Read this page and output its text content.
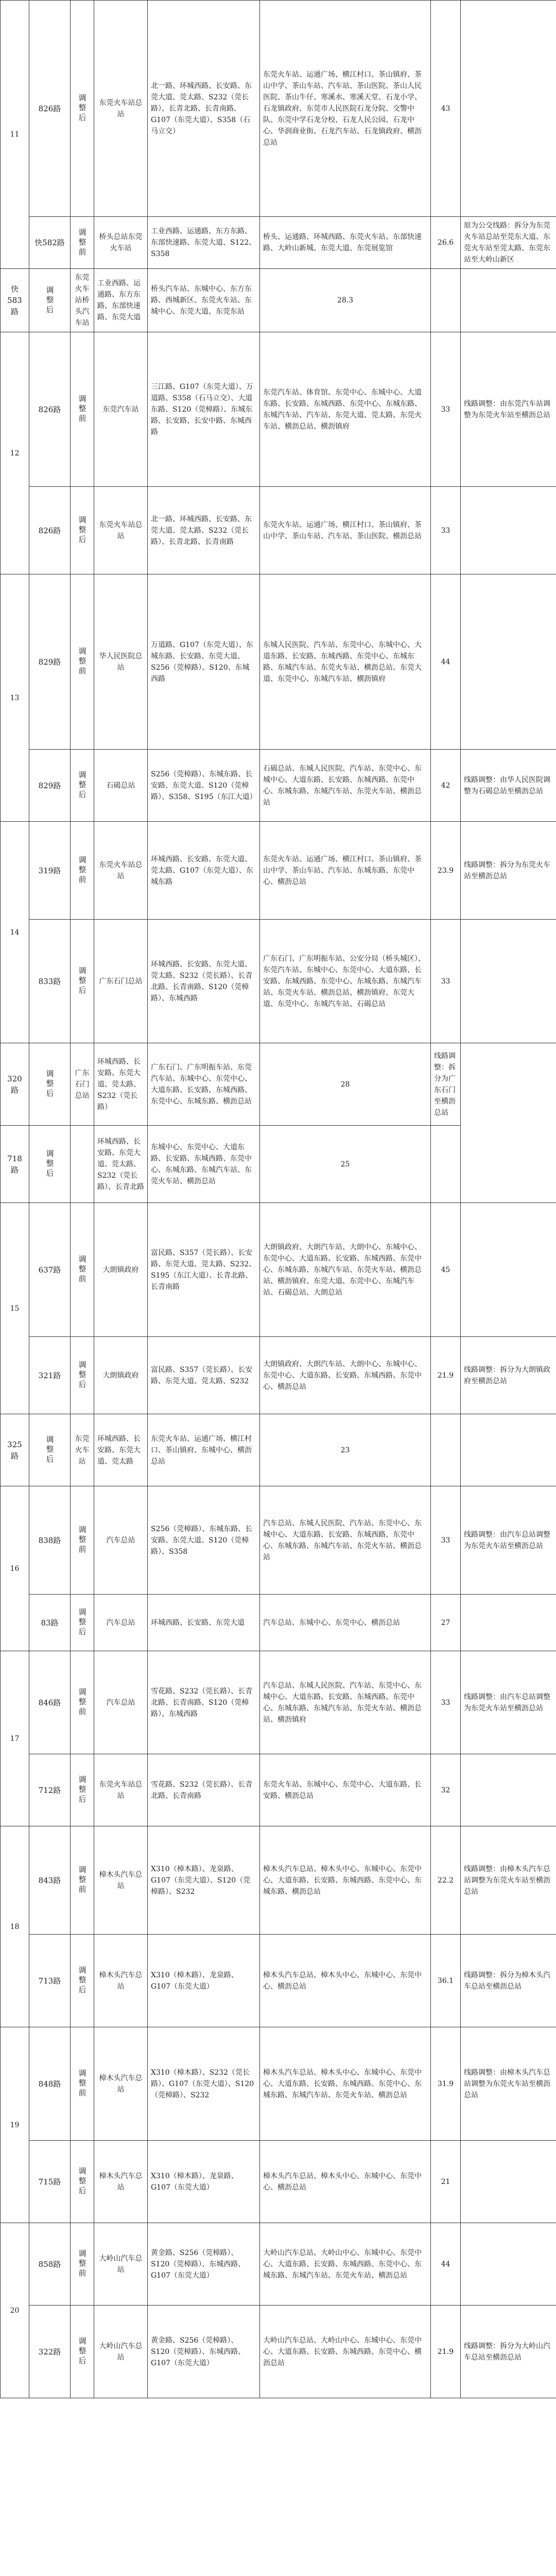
11	826路	调整后	东莞火车站总站	北一路、环城西路、长安路、东莞大道、莞太路、S232（莞长路）、长青北路、长青南路、G107（东莞大道）、S358（石马立交）	东莞火车站、运通广场、横江村口、茶山镇府、茶山中学、茶山车站、汽车站、茶山医院、茶山人民医院、茶山牛仔、寒溪水、寒溪天堂、石龙小学、石龙镇政府、东莞市人民医院石龙分院、交警中队、东莞中学石龙分校、石龙人民公园、石龙中心、华润商业街、石龙汽车站、石龙镇政府、横沥总站	43	
	快582路	调整前	桥头总站东莞火车站	工业西路、运通路、东方东路、东部快速路、东莞大道、S122、S358	桥头、运通路、环城西路、东莞火车站、东部快速路、大岭山新城、东莞大道、东莞展览馆	26.6	原为公交线路：拆分为东莞火车站总站至莞东大道、东莞火车站至莞太路、东莞东站至大岭山新区
快583路	调整后	东莞火车站桥头汽车站	工业西路、运通路、东方东路、东部快速路、东莞大道	桥头汽车站、东城中心、东方东路、西城新区、东莞火车站、东城中心、东莞大道、东莞东站	28.3		
12	826路	调整前	东莞汽车站	三江路、G107（东莞大道）、万道路、S358（石马立交）、大道东路、S120（莞樟路）、东城东路、长安路、长安中路、东城西路	东莞汽车站、体育馆、东莞中心、东城中心、大道东路、长安路、东城西路、东莞中心、东城东路、东城汽车站、汽车站、东莞大道、莞太路、东莞火车站、横沥总站、横沥镇府	33	线路调整：由东莞汽车站调整为东莞火车站至横沥总站
	826路	调整后	东莞火车站总站	北一路、环城西路、长安路、东莞大道、莞太路、S232（莞长路）、长青北路、长青南路	东莞火车站、运通广场、横江村口、茶山镇府、茶山中学、茶山车站、汽车站、茶山医院、横沥总站	33	
13	829路	调整前	华人民医院总站	万道路、G107（东莞大道）、东城东路、长安路、东莞大道、S256（莞樟路）、S120、东城西路	东城人民医院、汽车站、东莞中心、东城中心、大道东路、长安路、东城西路、东莞中心、东城东路、东城汽车站、东莞火车站、横沥总站、东莞大道、东莞中心、东城汽车站、横沥镇府	44	
	829路	调整后	石碣总站	S256（莞樟路）、东城东路、长安路、东莞大道、S120（莞樟路）、S358、S195（东江大道）	石碣总站、东城人民医院、汽车站、东莞中心、东城中心、大道东路、长安路、东城西路、东莞中心、东城东路、东城汽车站、东莞火车站、横沥总站	42	线路调整：由华人民医院调整为石碣总站至横沥总站
14	319路	调整前	东莞火车站总站	环城西路、长安路、东莞大道、莞太路、G107（东莞大道）、东城东路	东莞火车站、运通广场、横江村口、茶山镇府、茶山中学、茶山车站、汽车站、东城东路、东莞中心、横沥总站	23.9	线路调整：拆分为东莞火车站至横沥总站
	833路	调整后	广东石门总站	环城西路、长安路、东莞大道、莞太路、S232（莞长路）、长青北路、长青南路、S120（莞樟路）、东城西路	广东石门、广东明振车站、公安分局（桥头城区）、东莞汽车站、东城中心、东莞中心、大道东路、长安路、东城西路、东莞中心、东城东路、东城汽车站、东莞火车站、横沥总站、横沥镇府、东莞大道、东莞中心、东城汽车站、石碣总站	33	
320路	调整后	广东石门总站	环城西路、长安路、东莞大道、莞太路、S232（莞长路）	广东石门、广东明振车站、东莞汽车站、东城中心、东莞中心、大道东路、长安路、东城西路、东莞中心、东城东路、横沥总站	28	线路调整：拆分为广东石门至横沥总站	
718路	调整后		环城西路、长安路、东莞大道、莞太路、S232（莞长路）、长青北路	东城中心、东莞中心、大道东路、长安路、东城西路、东莞中心、东城东路、东城汽车站、东莞火车站、横沥总站	25		
15	637路	调整前	大朗镇政府	富民路、S357（莞长路）、长安路、东莞大道、莞太路、S232、S195（东江大道）、长青北路、长青南路	大朗镇政府、大朗汽车站、大朗中心、东城中心、东莞中心、大道东路、长安路、东城西路、东莞中心、东城东路、东城汽车站、东莞火车站、横沥总站、横沥镇府、东莞大道、东莞中心、东城汽车站、石碣总站、大朗总站	45	
	321路	调整后	大朗镇政府	富民路、S357（莞长路）、长安路、东莞大道、莞太路、S232	大朗镇政府、大朗汽车站、大朗中心、东城中心、东莞中心、大道东路、长安路、东城西路、东莞中心、横沥总站	21.9	线路调整：拆分为大朗镇政府至横沥总站
325路	调整后	东莞火车站	环城西路、长安路、东莞大道、莞太路	东莞火车站、运通广场、横江村口、茶山镇府、东城中心、横沥总站	23		
16	838路	调整前	汽车总站	S256（莞樟路）、东城东路、长安路、东莞大道、S120（莞樟路）、S358	汽车总站、东城人民医院、汽车站、东莞中心、东城中心、大道东路、长安路、东城西路、东莞中心、东城东路、东城汽车站、东莞火车站、横沥总站	33	线路调整：由汽车总站调整为东莞火车站至横沥总站
	83路	调整后	汽车总站	环城西路、长安路、东莞大道	汽车总站、东城中心、东莞中心、横沥总站	27	
17	846路	调整前	汽车总站	雪花路、S232（莞长路）、长青北路、长青南路、S120（莞樟路）、东城西路	汽车总站、东城人民医院、汽车站、东莞中心、东城中心、大道东路、长安路、东城西路、东莞中心、东城东路、东城汽车站、东莞火车站、横沥总站、横沥镇府	33	线路调整：由汽车总站调整为东莞火车站至横沥总站
	712路	调整后	东莞火车站总站	雪花路、S232（莞长路）、长青北路、长青南路	东莞火车站、东城中心、东莞中心、大道东路、长安路、横沥总站	32	
18	843路	调整前	樟木头汽车总站	X310（樟木路）、龙泉路、G107（东莞大道）、S120（莞樟路）、S232	樟木头汽车总站、樟木头中心、东城中心、东莞中心、大道东路、长安路、东城西路、东莞中心、东城东路、横沥总站	22.2	线路调整：由樟木头汽车总站调整为东莞火车站至横沥总站
	713路	调整后	樟木头汽车总站	X310（樟木路）、龙泉路、G107（东莞大道）	樟木头汽车总站、樟木头中心、东城中心、东莞中心、横沥总站	36.1	线路调整：拆分为樟木头汽车总站至横沥总站
19	848路	调整前	樟木头汽车总站	X310（樟木路）、S232（莞长路）、G107（东莞大道）、S120（莞樟路）、S232	樟木头汽车总站、樟木头中心、东城中心、东莞中心、大道东路、长安路、东城西路、东莞中心、东城东路、东城汽车站、东莞火车站、横沥总站	31.9	线路调整：由樟木头汽车总站调整为东莞火车站至横沥总站
	715路	调整后	樟木头汽车总站	X310（樟木路）、龙泉路、G107（东莞大道）	樟木头汽车总站、樟木头中心、东城中心、东莞中心、横沥总站	21	
20	858路	调整前	大岭山汽车总站	黄金路、S256（莞樟路）、S120（莞樟路）、东城西路、G107（东莞大道）	大岭山汽车总站、大岭山中心、东城中心、东莞中心、大道东路、长安路、东城西路、东莞中心、东城东路、东城汽车站、东莞火车站、横沥总站	44	
	322路	调整后	大岭山汽车总站	黄金路、S256（莞樟路）、S120（莞樟路）、东城西路、G107（东莞大道）	大岭山汽车总站、大岭山中心、东城中心、东莞中心、大道东路、长安路、东城西路、东莞中心、横沥总站	21.9	线路调整：拆分为大岭山汽车总站至横沥总站
